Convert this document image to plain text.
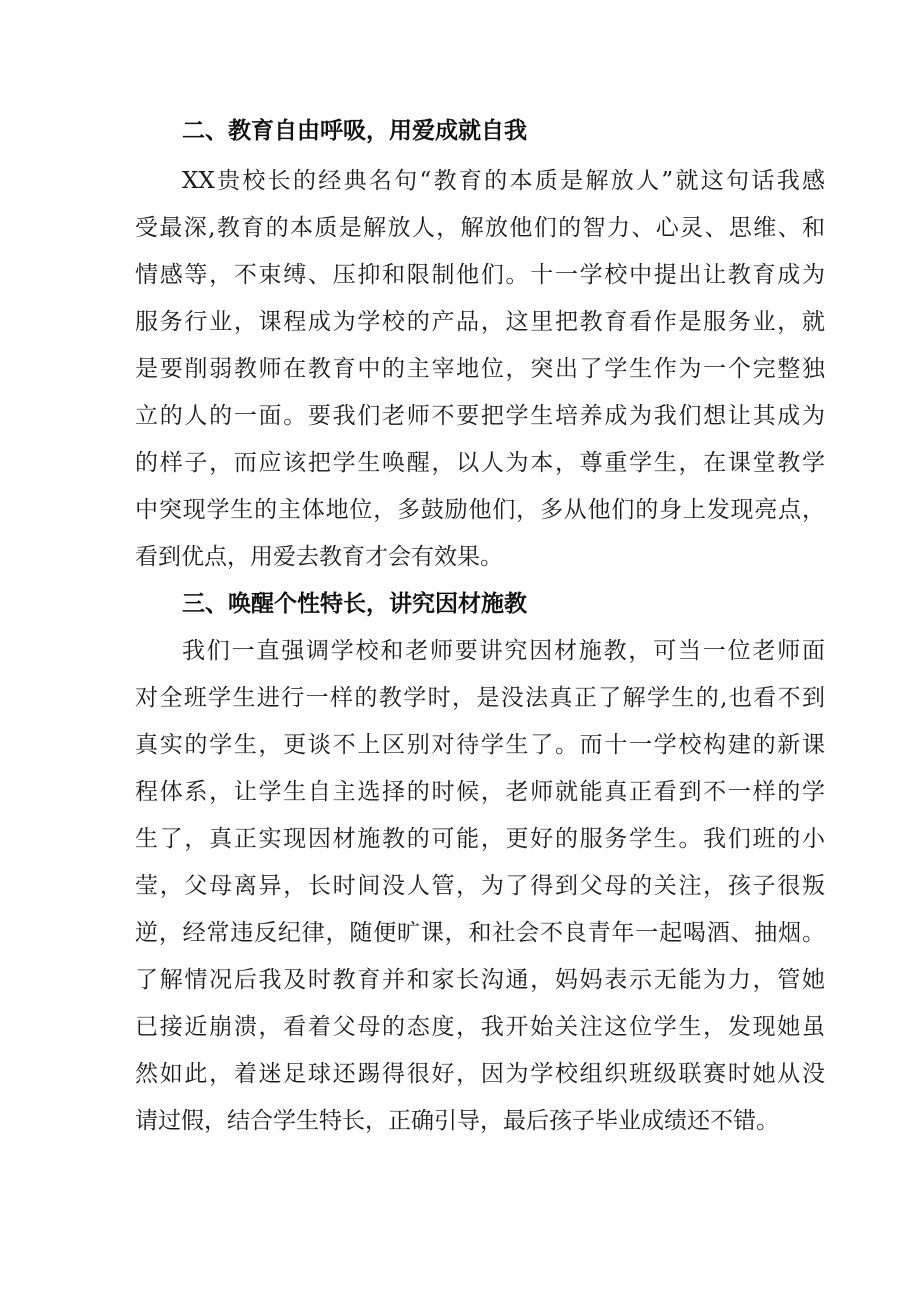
二、教育自由呼吸，用爱成就自我
XX贵校长的经典名句“教育的本质是解放人”就这句话我感
受最深,教育的本质是解放人，解放他们的智力、心灵、思维、和
情感等，不束缚、压抑和限制他们。十一学校中提出让教育成为
服务行业，课程成为学校的产品，这里把教育看作是服务业，就
是要削弱教师在教育中的主宰地位，突出了学生作为一个完整独
立的人的一面。要我们老师不要把学生培养成为我们想让其成为
的样子，而应该把学生唤醒，以人为本，尊重学生，在课堂教学
中突现学生的主体地位，多鼓励他们，多从他们的身上发现亮点，
看到优点，用爱去教育才会有效果。
三、唤醒个性特长，讲究因材施教
我们一直强调学校和老师要讲究因材施教，可当一位老师面
对全班学生进行一样的教学时，是没法真正了解学生的,也看不到
真实的学生，更谈不上区别对待学生了。而十一学校构建的新课
程体系，让学生自主选择的时候，老师就能真正看到不一样的学
生了，真正实现因材施教的可能，更好的服务学生。我们班的小
莹，父母离异，长时间没人管，为了得到父母的关注，孩子很叛
逆，经常违反纪律，随便旷课，和社会不良青年一起喝酒、抽烟。
了解情况后我及时教育并和家长沟通，妈妈表示无能为力，管她
已接近崩溃，看着父母的态度，我开始关注这位学生，发现她虽
然如此，着迷足球还踢得很好，因为学校组织班级联赛时她从没
请过假，结合学生特长，正确引导，最后孩子毕业成绩还不错。
